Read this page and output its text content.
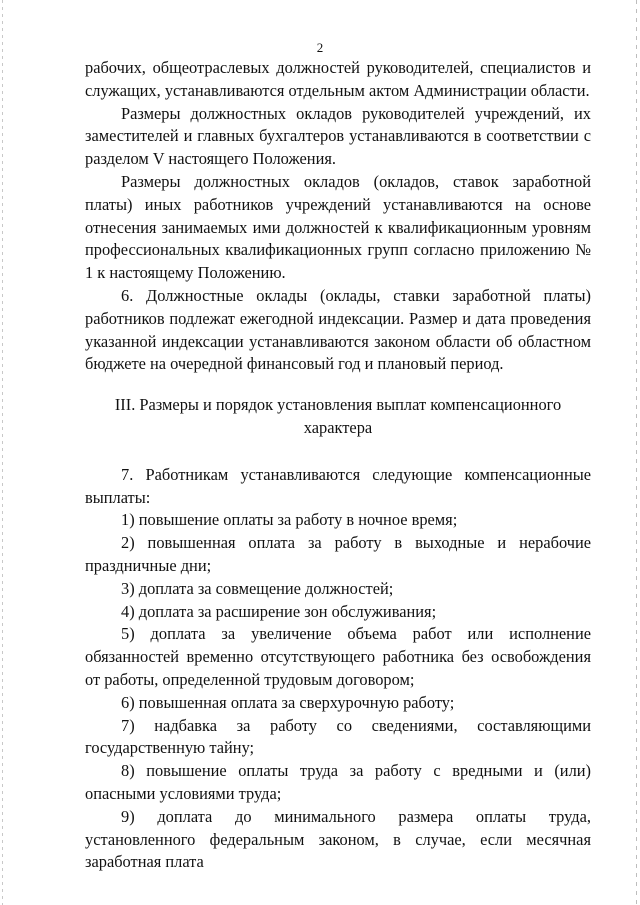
2

рабочих, общеотраслевых должностей руководителей, специалистов и служащих, устанавливаются отдельным актом Администрации области.

Размеры должностных окладов руководителей учреждений, их заместителей и главных бухгалтеров устанавливаются в соответствии с разделом V настоящего Положения.

Размеры должностных окладов (окладов, ставок заработной платы) иных работников учреждений устанавливаются на основе отнесения занимаемых ими должностей к квалификационным уровням профессиональных квалификационных групп согласно приложению № 1 к настоящему Положению.

6. Должностные оклады (оклады, ставки заработной платы) работников подлежат ежегодной индексации. Размер и дата проведения указанной индексации устанавливаются законом области об областном бюджете на очередной финансовый год и плановый период.

III. Размеры и порядок установления выплат компенсационного
характера

7. Работникам устанавливаются следующие компенсационные выплаты:

1) повышение оплаты за работу в ночное время;

2) повышенная оплата за работу в выходные и нерабочие праздничные дни;

3) доплата за совмещение должностей;

4) доплата за расширение зон обслуживания;

5) доплата за увеличение объема работ или исполнение обязанностей временно отсутствующего работника без освобождения от работы, определенной трудовым договором;

6) повышенная оплата за сверхурочную работу;

7) надбавка за работу со сведениями, составляющими государственную тайну;

8) повышение оплаты труда за работу с вредными и (или) опасными условиями труда;

9) доплата до минимального размера оплаты труда, установленного федеральным законом, в случае, если месячная заработная плата
